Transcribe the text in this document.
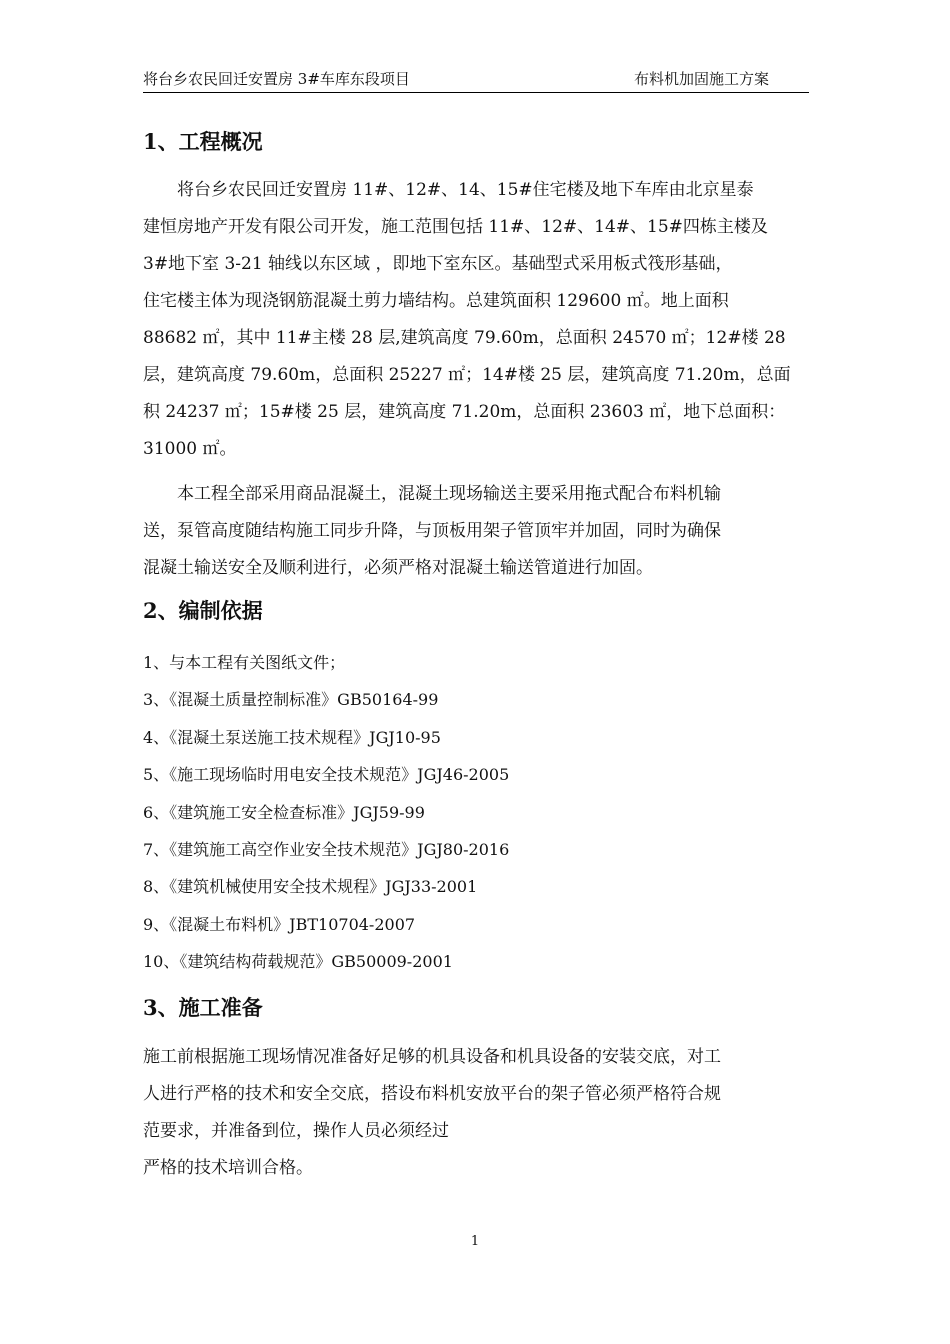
将台乡农民回迁安置房 3#车库东段项目	布料机加固施工方案
1、工程概况
　　将台乡农民回迁安置房 11#、12#、14、15#住宅楼及地下车库由北京星泰
建恒房地产开发有限公司开发，施工范围包括 11#、12#、14#、15#四栋主楼及
3#地下室 3-21 轴线以东区域 ，即地下室东区。基础型式采用板式筏形基础，
住宅楼主体为现浇钢筋混凝土剪力墙结构。总建筑面积 129600 ㎡。地上面积
88682 ㎡，其中 11#主楼 28 层,建筑高度 79.60m，总面积 24570 ㎡；12#楼 28
层，建筑高度 79.60m，总面积 25227 ㎡；14#楼 25 层，建筑高度 71.20m，总面
积 24237 ㎡；15#楼 25 层，建筑高度 71.20m，总面积 23603 ㎡，地下总面积：
31000 ㎡。
　　本工程全部采用商品混凝土，混凝土现场输送主要采用拖式配合布料机输
送，泵管高度随结构施工同步升降，与顶板用架子管顶牢并加固，同时为确保
混凝土输送安全及顺利进行，必须严格对混凝土输送管道进行加固。
2、编制依据
1、与本工程有关图纸文件；
3、《混凝土质量控制标准》GB50164-99
4、《混凝土泵送施工技术规程》JGJ10-95
5、《施工现场临时用电安全技术规范》JGJ46-2005
6、《建筑施工安全检查标准》JGJ59-99
7、《建筑施工高空作业安全技术规范》JGJ80-2016
8、《建筑机械使用安全技术规程》JGJ33-2001
9、《混凝土布料机》JBT10704-2007
10、《建筑结构荷载规范》GB50009-2001
3、施工准备
施工前根据施工现场情况准备好足够的机具设备和机具设备的安装交底，对工
人进行严格的技术和安全交底，搭设布料机安放平台的架子管必须严格符合规
范要求，并准备到位，操作人员必须经过
严格的技术培训合格。
1
